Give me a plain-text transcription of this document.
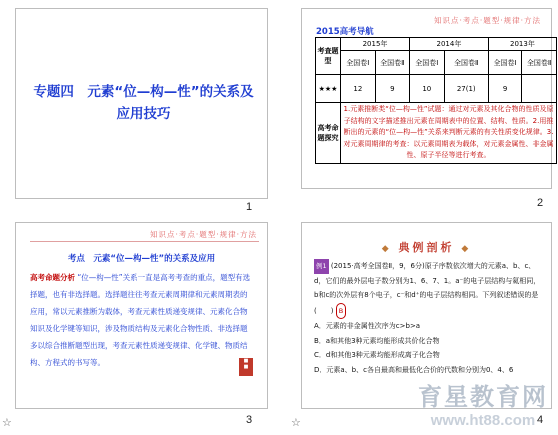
专题四　元素“位—构—性”的关系及应用技巧
1
知识点·考点·题型·规律·方法
2015高考导航
考查题型	2015年		2014年		2013年	
	全国卷Ⅰ	全国卷Ⅱ	全国卷Ⅰ	全国卷Ⅱ	全国卷Ⅰ	全国卷Ⅱ
★★★	12	9	10	27(1)	9	
高考命题探究	1.元素推断类“位—构—性”试题：通过对元素及其化合物的性质及原子结构的文字描述推出元素在周期表中的位置、结构、性质。2.用推断出的元素的“位—构—性”关系来判断元素的有关性质变化规律。3.对元素周期律的考查：以元素周期表为载体，对元素金属性、非金属性、原子半径等进行考查。					
2
知识点·考点·题型·规律·方法
考点　元素“位—构—性”的关系及应用
高考命题分析 “位—构—性”关系一直是高考考查的重点，题型有选择题，也有非选择题。选择题往往考查元素周期律和元素周期表的应用，常以元素推断为载体，考查元素性质递变规律、元素化合物知识及化学键等知识，涉及物质结构及元素化合物性质、非选择题多以综合推断题型出现，考查元素性质递变规律、化学键、物质结构、方程式的书写等。	■
■
☆	3
◆ 典例剖析 ◆
例1 (2015·高考全国卷Ⅱ，9，6分)原子序数依次增大的元素a、b、c、d，它们的最外层电子数分别为1、6、7、1。a⁻的电子层结构与氦相同，b和c的次外层有8个电子，c⁻和d⁺的电子层结构相同。下列叙述错误的是(　　) B
A．元素的非金属性次序为c>b>a
B．a和其他3种元素均能形成共价化合物
C．d和其他3种元素均能形成离子化合物
D．元素a、b、c各自最高和最低化合价的代数和分别为0、4、6
☆	4
育星教育网
www.ht88.com
